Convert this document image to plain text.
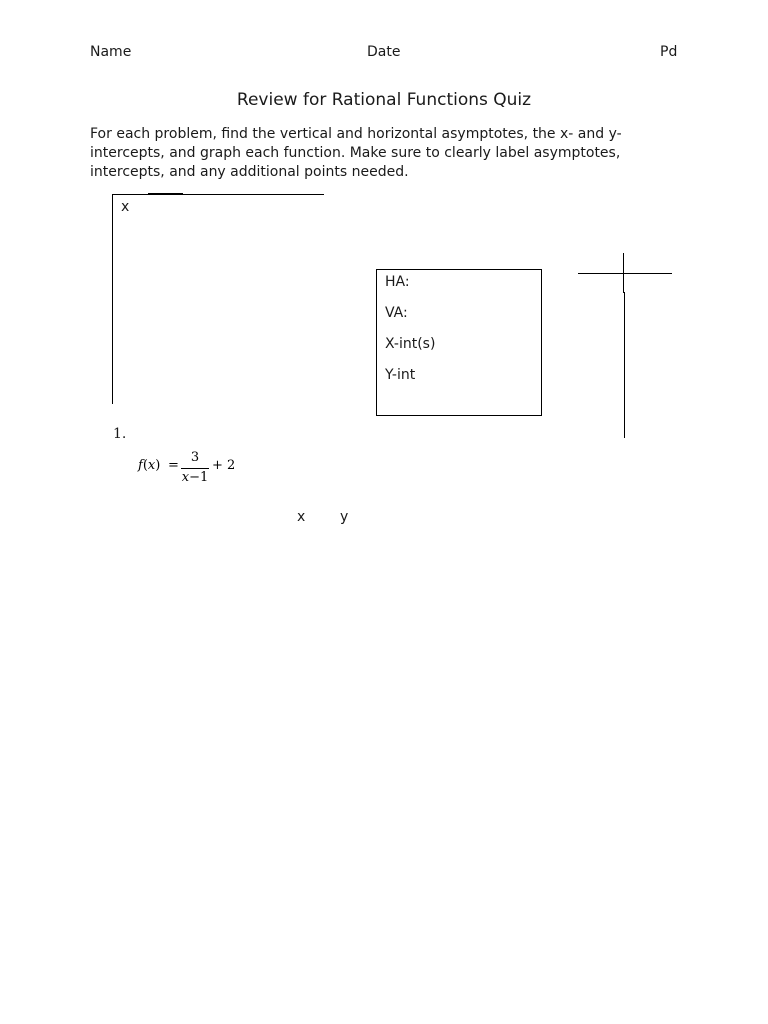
Name	Date	Pd
Review for Rational Functions Quiz
For each problem, find the vertical and horizontal asymptotes, the x- and y-intercepts, and graph each function. Make sure to clearly label asymptotes, intercepts, and any additional points needed.
x
HA:
VA:
X-int(s)
Y-int
1.
f(x) =
3
x−1
+ 2
x y
